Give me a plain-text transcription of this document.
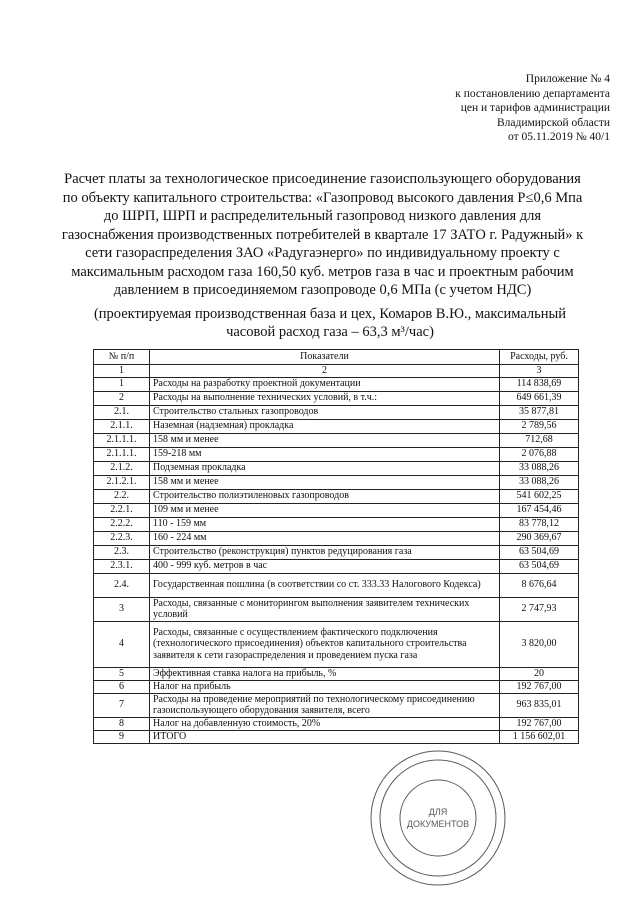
Приложение № 4
к постановлению департамента
цен и тарифов администрации
Владимирской области
от 05.11.2019 № 40/1
Расчет платы за технологическое присоединение газоиспользующего оборудования по объекту капитального строительства: «Газопровод высокого давления Р≤0,6 Мпа до ШРП, ШРП и распределительный газопровод низкого давления для газоснабжения производственных потребителей в квартале 17 ЗАТО г. Радужный» к сети газораспределения ЗАО «Радугаэнерго» по индивидуальному проекту с максимальным расходом газа 160,50 куб. метров газа в час и проектным рабочим давлением в присоединяемом газопроводе 0,6 МПа (с учетом НДС)
(проектируемая производственная база и цех, Комаров В.Ю., максимальный часовой расход газа – 63,3 м³/час)
№ п/п	Показатели	Расходы, руб.
1	2	3
1	Расходы на разработку проектной документации	114 838,69
2	Расходы на выполнение технических условий, в т.ч.:	649 661,39
2.1.	Строительство стальных газопроводов	35 877,81
2.1.1.	Наземная (надземная) прокладка	2 789,56
2.1.1.1.	158 мм и менее	712,68
2.1.1.1.	159-218 мм	2 076,88
2.1.2.	Подземная прокладка	33 088,26
2.1.2.1.	158 мм и менее	33 088,26
2.2.	Строительство полиэтиленовых газопроводов	541 602,25
2.2.1.	109 мм и менее	167 454,46
2.2.2.	110 - 159 мм	83 778,12
2.2.3.	160 - 224 мм	290 369,67
2.3.	Строительство (реконструкция) пунктов редуцирования газа	63 504,69
2.3.1.	400 - 999 куб. метров в час	63 504,69
2.4.	Государственная пошлина (в соответствии со ст. 333.33 Налогового Кодекса)	8 676,64
3	Расходы, связанные с мониторингом выполнения заявителем технических условий	2 747,93
4	Расходы, связанные с осуществлением фактического подключения (технологического присоединения) объектов капитального строительства заявителя к сети газораспределения и проведением пуска газа	3 820,00
5	Эффективная ставка налога на прибыль, %	20
6	Налог на прибыль	192 767,00
7	Расходы на проведение мероприятий по технологическому присоединению газоиспользующего оборудования заявителя, всего	963 835,01
8	Налог на добавленную стоимость, 20%	192 767,00
9	ИТОГО	1 156 602,01
ДЛЯ
ДОКУМЕНТОВ
